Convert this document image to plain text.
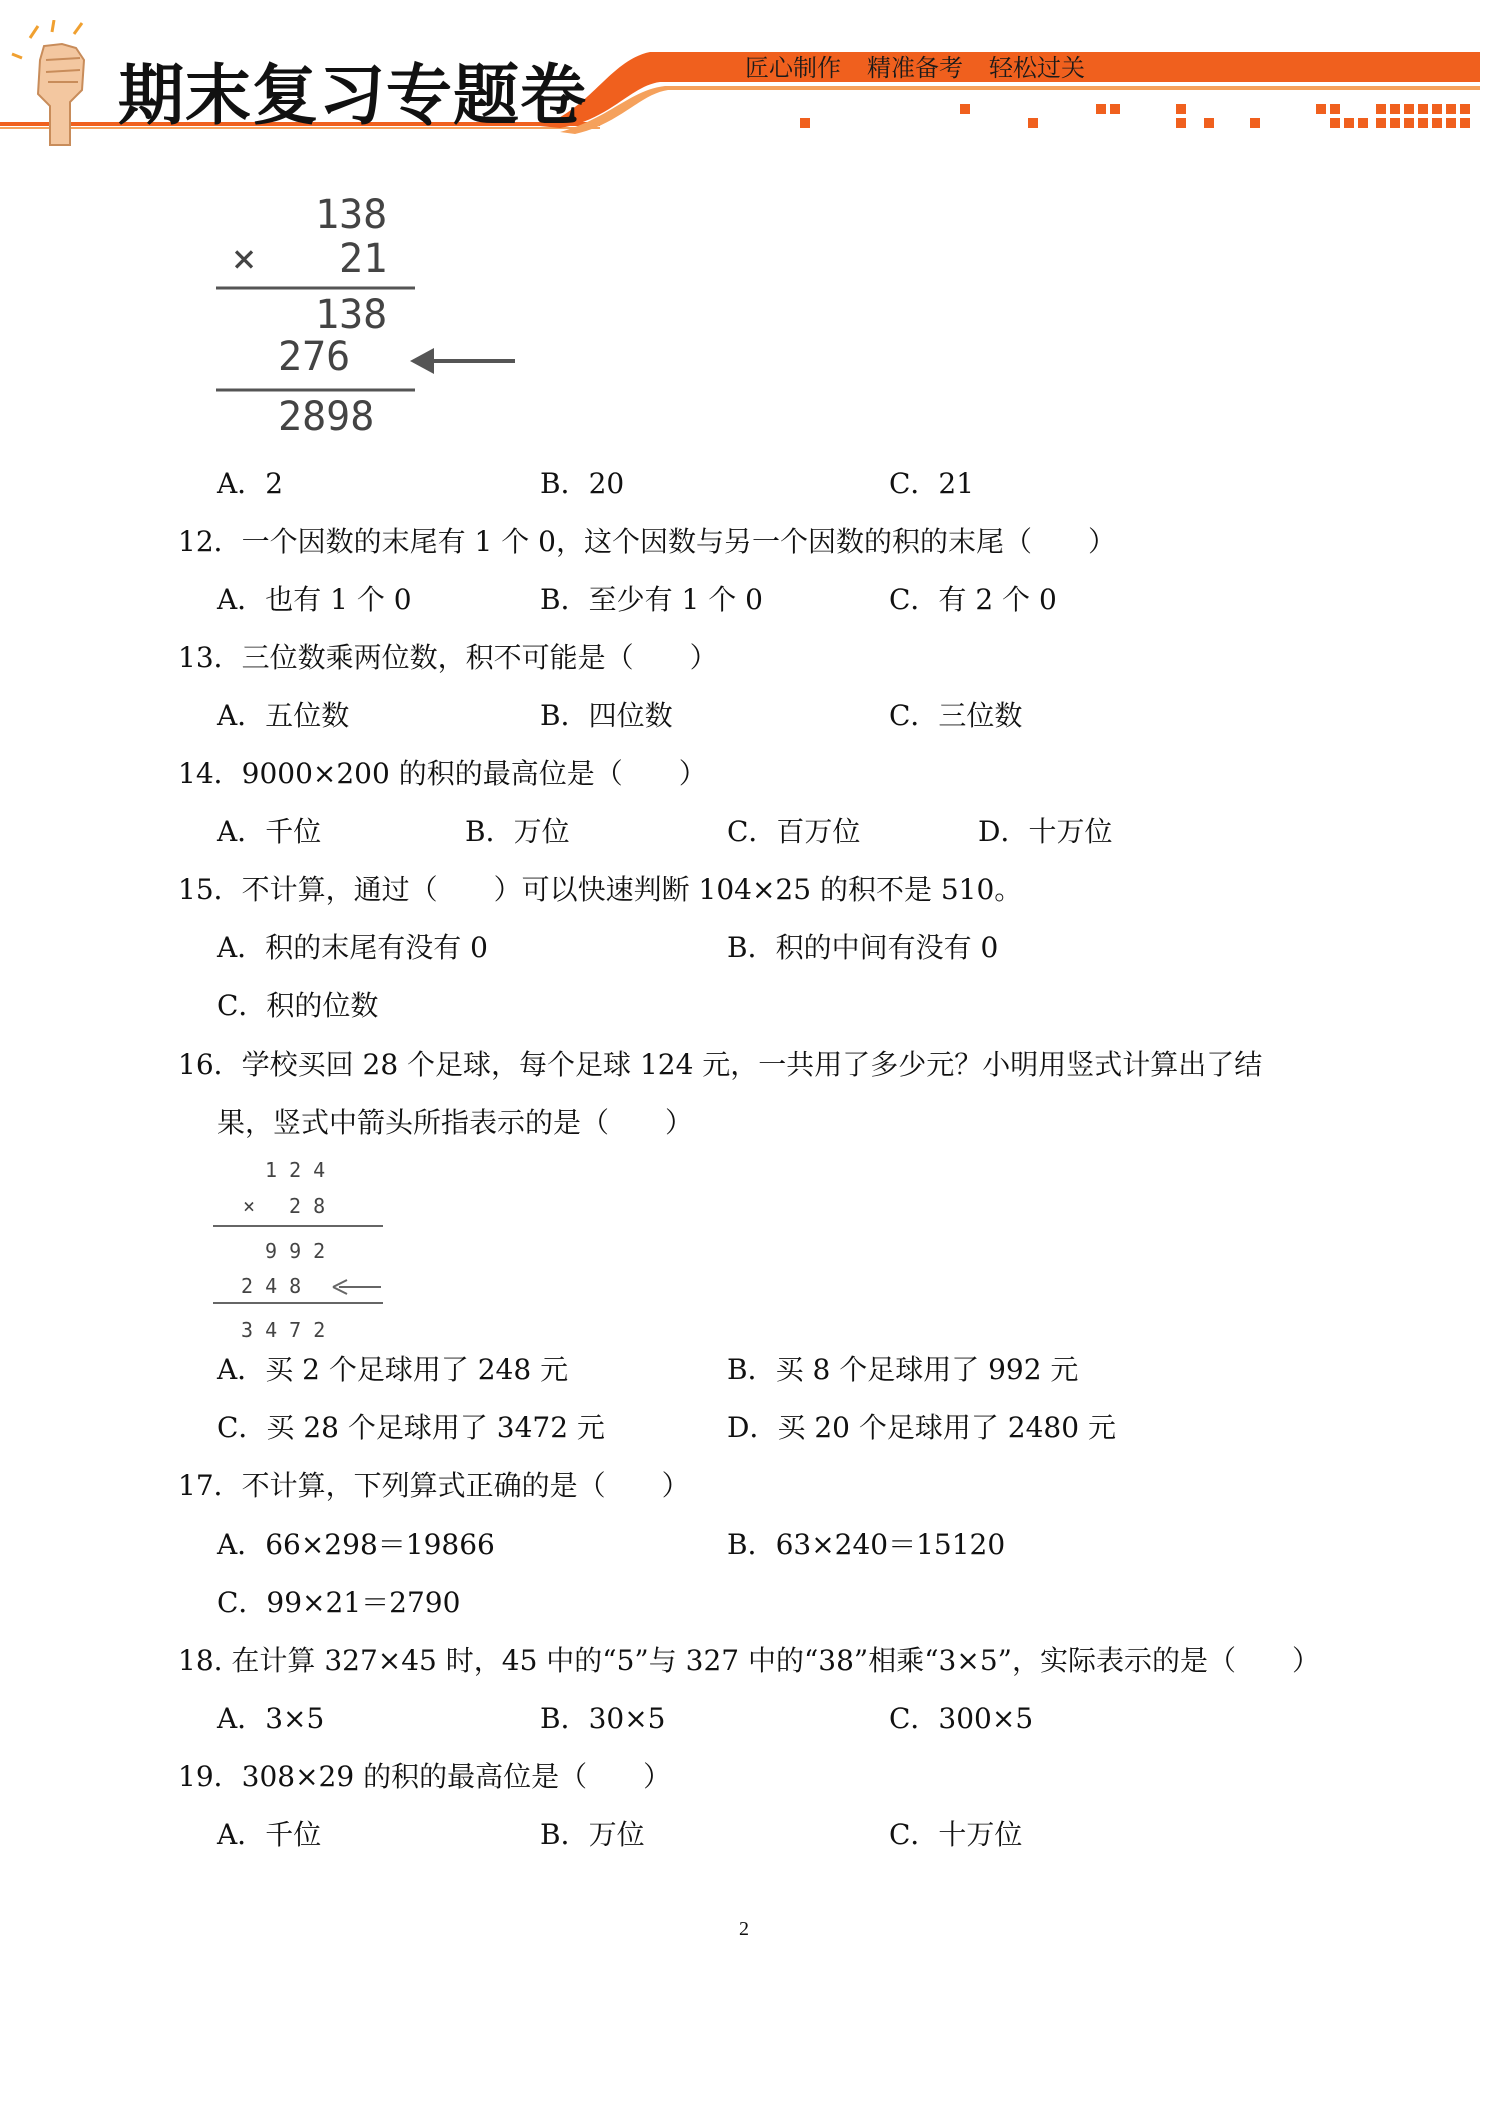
期末复习专题卷	匠心制作 精准备考 轻松过关
138
× 21
138
276
2898
A．2	B．20	C．21
12．一个因数的末尾有 1 个 0，这个因数与另一个因数的积的末尾（　　）
A．也有 1 个 0	B．至少有 1 个 0	C．有 2 个 0
13．三位数乘两位数，积不可能是（　　）
A．五位数	B．四位数	C．三位数
14．9000×200 的积的最高位是（　　）
A．千位	B．万位	C．百万位	D．十万位
15．不计算，通过（　　）可以快速判断 104×25 的积不是 510。
A．积的末尾有没有 0	B．积的中间有没有 0
C．积的位数
16．学校买回 28 个足球，每个足球 124 元，一共用了多少元？小明用竖式计算出了结
果，竖式中箭头所指表示的是（　　）
1 2 4
× 2 8
9 9 2
2 4 8
3 4 7 2
A．买 2 个足球用了 248 元	B．买 8 个足球用了 992 元
C．买 28 个足球用了 3472 元	D．买 20 个足球用了 2480 元
17．不计算，下列算式正确的是（　　）
A．66×298＝19866	B．63×240＝15120
C．99×21＝2790
18. 在计算 327×45 时，45 中的“5”与 327 中的“38”相乘“3×5”，实际表示的是（　　）
A．3×5	B．30×5	C．300×5
19．308×29 的积的最高位是（　　）
A．千位	B．万位	C．十万位
2
